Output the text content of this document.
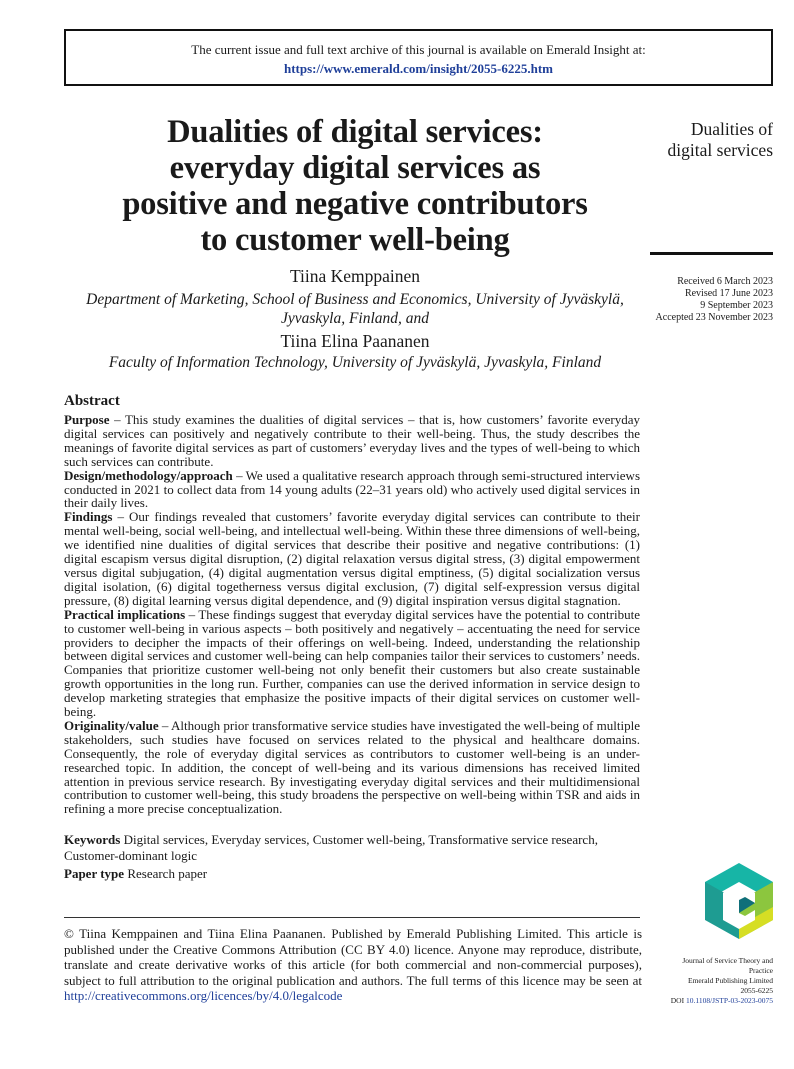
The current issue and full text archive of this journal is available on Emerald Insight at:
https://www.emerald.com/insight/2055-6225.htm
Dualities of digital services:
everyday digital services as
positive and negative contributors
to customer well-being
Dualities of
digital services
Received 6 March 2023
Revised 17 June 2023
9 September 2023
Accepted 23 November 2023
Tiina Kemppainen
Department of Marketing, School of Business and Economics, University of Jyväskylä,
Jyvaskyla, Finland, and
Tiina Elina Paananen
Faculty of Information Technology, University of Jyväskylä, Jyvaskyla, Finland
Abstract

Purpose – This study examines the dualities of digital services – that is, how customers’ favorite everyday digital services can positively and negatively contribute to their well-being. Thus, the study describes the meanings of favorite digital services as part of customers’ everyday lives and the types of well-being to which such services can contribute.

Design/methodology/approach – We used a qualitative research approach through semi-structured interviews conducted in 2021 to collect data from 14 young adults (22–31 years old) who actively used digital services in their daily lives.

Findings – Our findings revealed that customers’ favorite everyday digital services can contribute to their mental well-being, social well-being, and intellectual well-being. Within these three dimensions of well-being, we identified nine dualities of digital services that describe their positive and negative contributions: (1) digital escapism versus digital disruption, (2) digital relaxation versus digital stress, (3) digital empowerment versus digital subjugation, (4) digital augmentation versus digital emptiness, (5) digital socialization versus digital isolation, (6) digital togetherness versus digital exclusion, (7) digital self-expression versus digital pressure, (8) digital learning versus digital dependence, and (9) digital inspiration versus digital stagnation.

Practical implications – These findings suggest that everyday digital services have the potential to contribute to customer well-being in various aspects – both positively and negatively – accentuating the need for service providers to decipher the impacts of their offerings on well-being. Indeed, understanding the relationship between digital services and customer well-being can help companies tailor their services to customers’ needs. Companies that prioritize customer well-being not only benefit their customers but also create sustainable growth opportunities in the long run. Further, companies can use the derived information in service design to develop marketing strategies that emphasize the positive impacts of their digital services on customer well-being.

Originality/value – Although prior transformative service studies have investigated the well-being of multiple stakeholders, such studies have focused on services related to the physical and healthcare domains. Consequently, the role of everyday digital services as contributors to customer well-being is an under-researched topic. In addition, the concept of well-being and its various dimensions has received limited attention in previous service research. By investigating everyday digital services and their multidimensional contribution to customer well-being, this study broadens the perspective on well-being within TSR and aids in refining a more precise conceptualization.

Keywords Digital services, Everyday services, Customer well-being, Transformative service research, Customer-dominant logic
Paper type Research paper
© Tiina Kemppainen and Tiina Elina Paananen. Published by Emerald Publishing Limited. This article is published under the Creative Commons Attribution (CC BY 4.0) licence. Anyone may reproduce, distribute, translate and create derivative works of this article (for both commercial and non-commercial purposes), subject to full attribution to the original publication and authors. The full terms of this licence may be seen at http://creativecommons.org/licences/by/4.0/legalcode
Journal of Service Theory and
Practice
Emerald Publishing Limited
2055-6225
DOI 10.1108/JSTP-03-2023-0075
